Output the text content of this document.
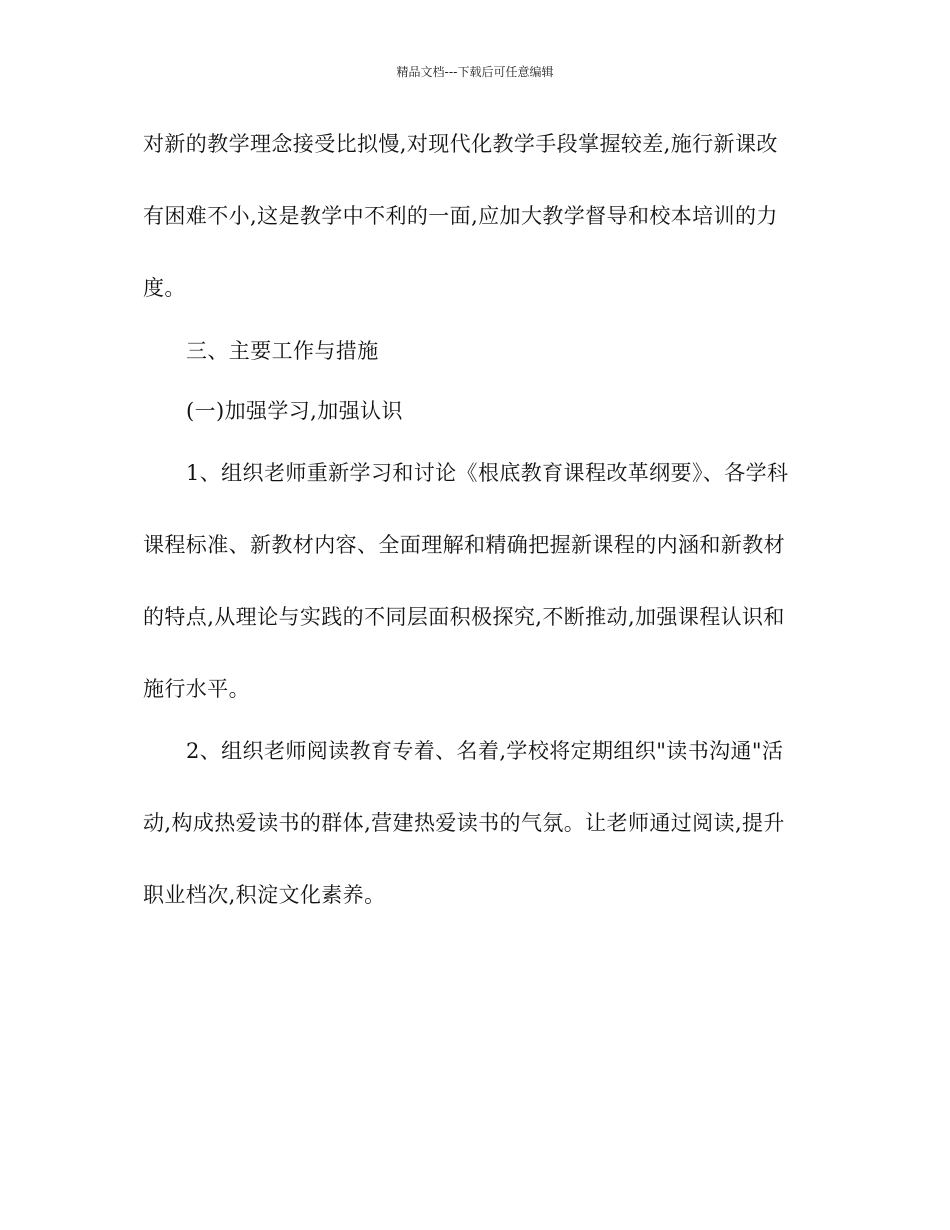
精品文档---下载后可任意编辑
对新的教学理念接受比拟慢,对现代化教学手段掌握较差,施行新课改
有困难不小,这是教学中不利的一面,应加大教学督导和校本培训的力
度。
三、主要工作与措施
(一)加强学习,加强认识
1、组织老师重新学习和讨论《根底教育课程改革纲要》、各学科
课程标准、新教材内容、全面理解和精确把握新课程的内涵和新教材
的特点,从理论与实践的不同层面积极探究,不断推动,加强课程认识和
施行水平。
2、组织老师阅读教育专着、名着,学校将定期组织"读书沟通"活
动,构成热爱读书的群体,营建热爱读书的气氛。让老师通过阅读,提升
职业档次,积淀文化素养。
